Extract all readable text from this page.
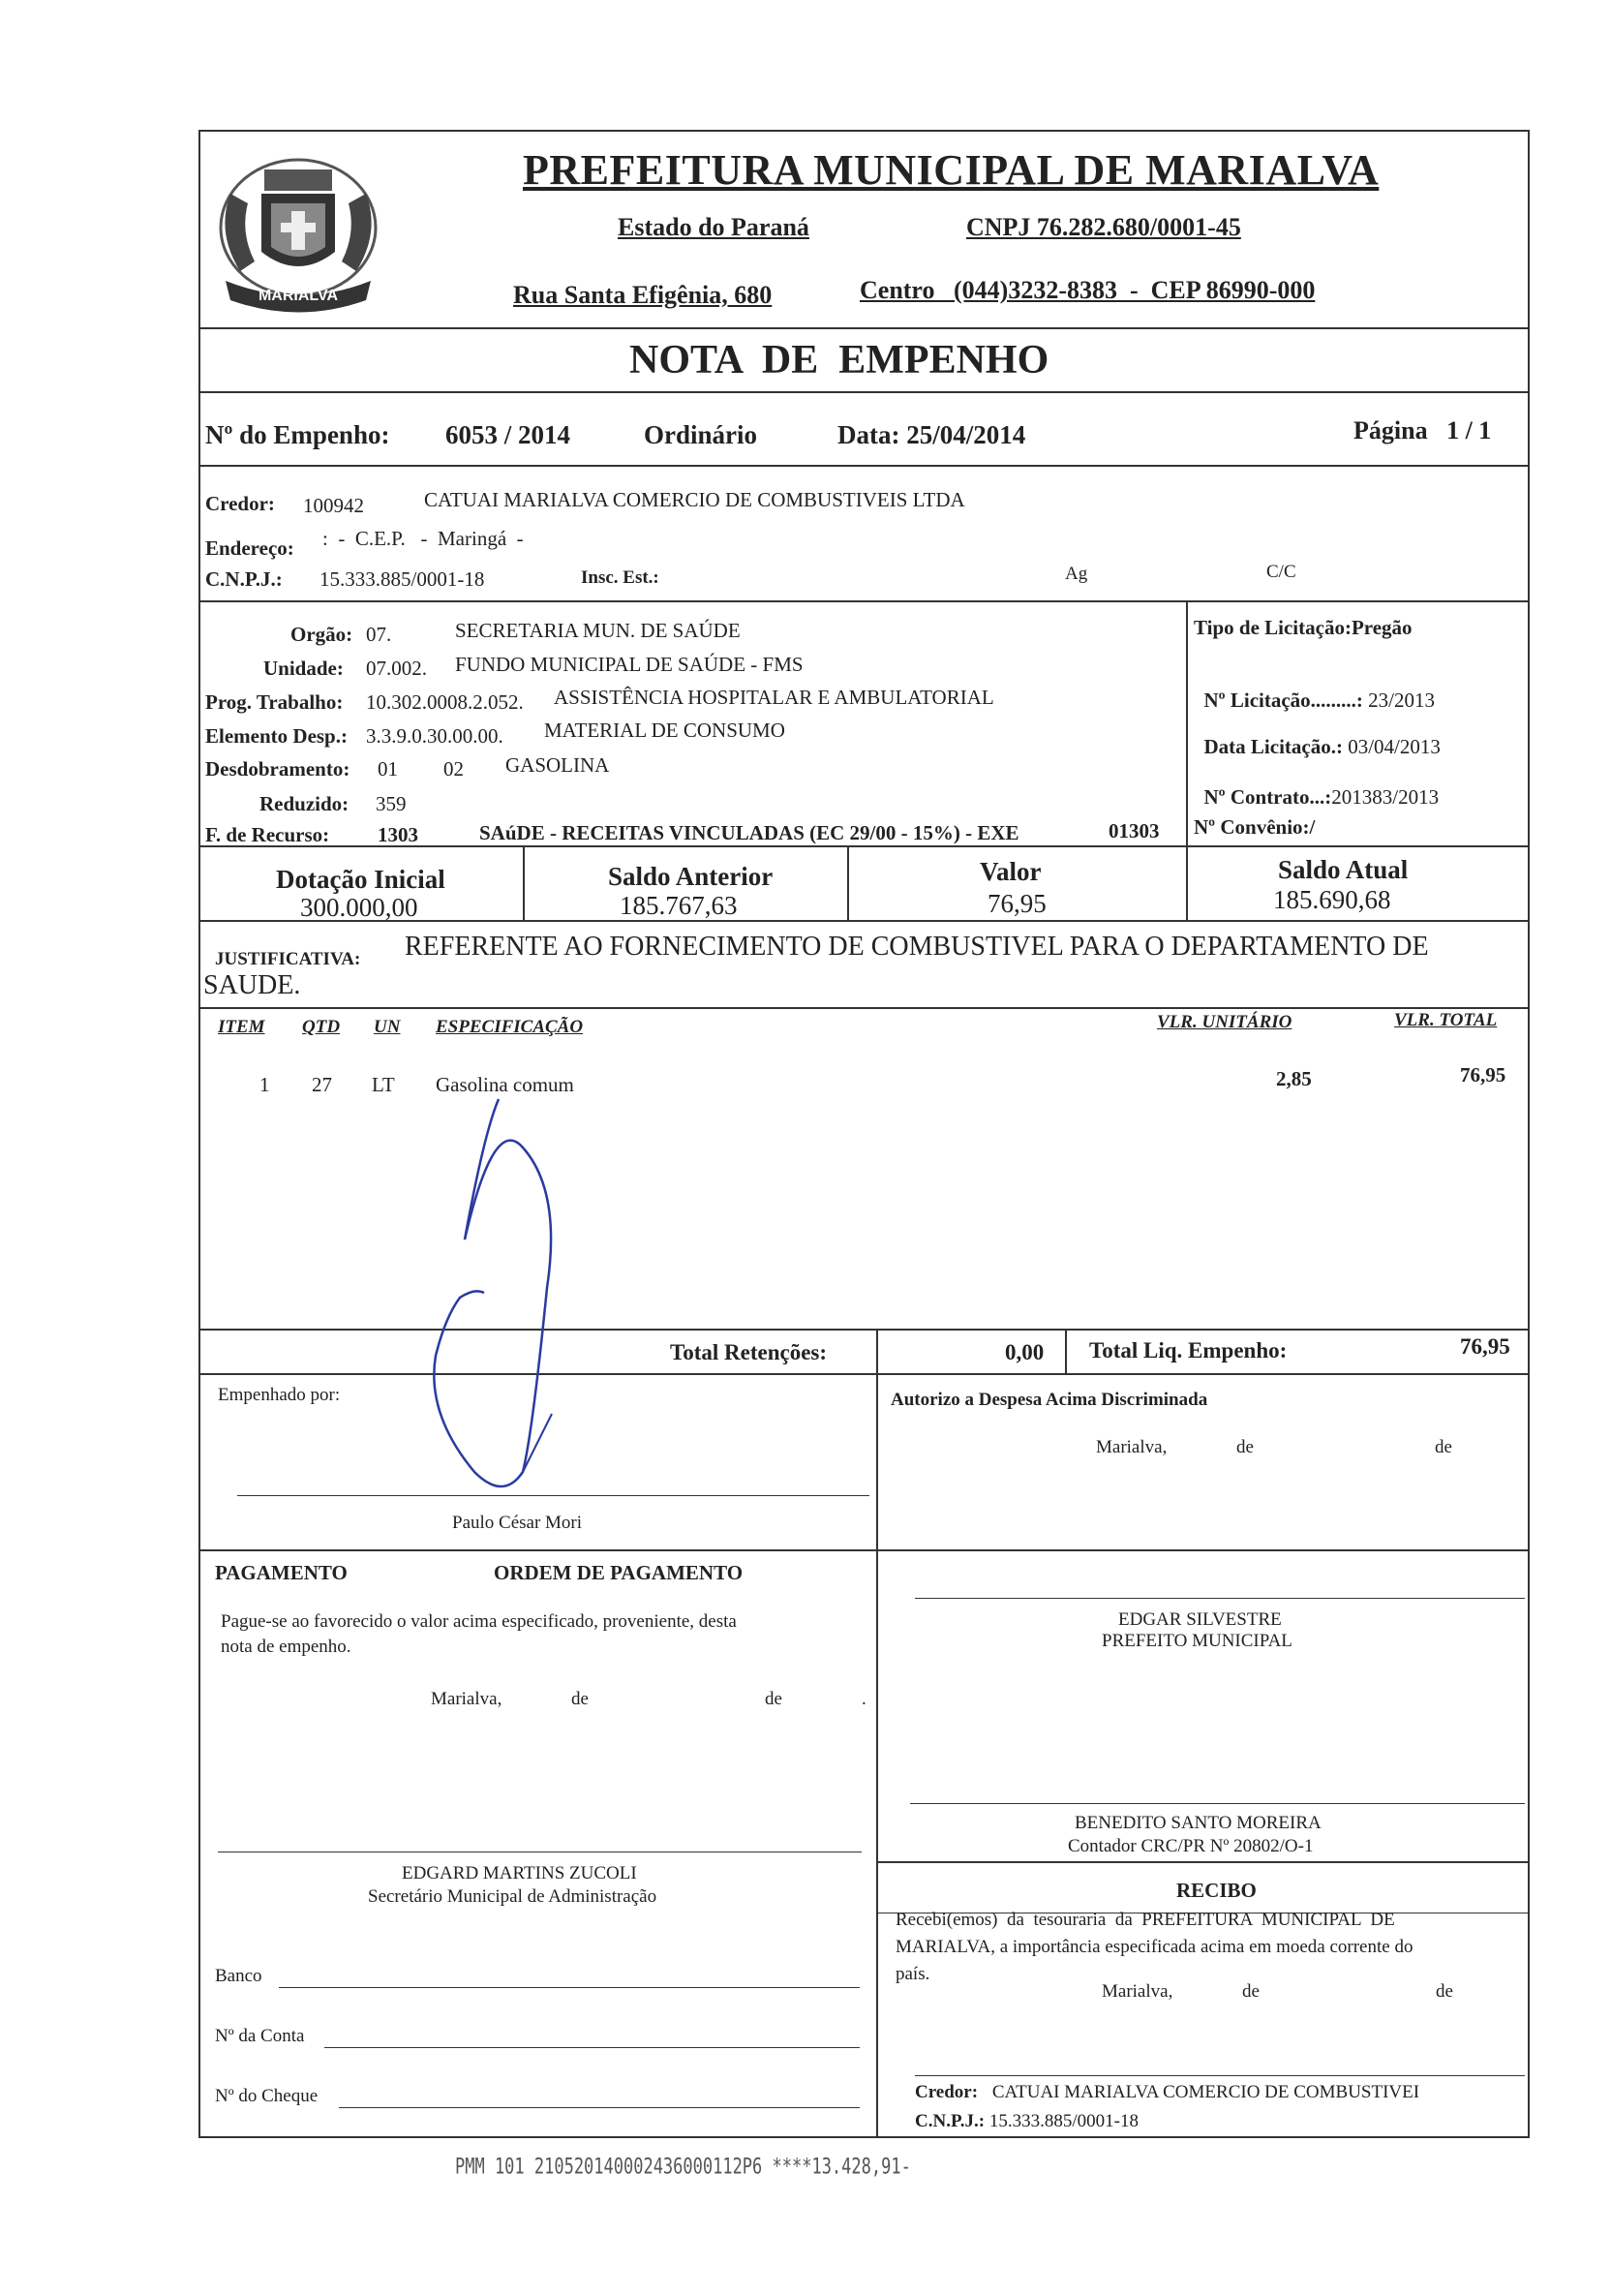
MARIALVA
PREFEITURA MUNICIPAL DE MARIALVA
Estado do Paraná	CNPJ 76.282.680/0001-45
Rua Santa Efigênia, 680	Centro   (044)3232-8383  -  CEP 86990-000
NOTA  DE  EMPENHO
Nº do Empenho: 6053 / 2014	Ordinário	Data: 25/04/2014	Página   1 / 1
Credor: 100942	CATUAI MARIALVA COMERCIO DE COMBUSTIVEIS LTDA
Endereço: :  -  C.E.P.   -  Maringá  -
C.N.P.J.: 15.333.885/0001-18	Insc. Est.:	Ag	C/C
Orgão: 07.	SECRETARIA MUN. DE SAÚDE
Unidade: 07.002. FUNDO MUNICIPAL DE SAÚDE - FMS
Prog. Trabalho: 10.302.0008.2.052. ASSISTÊNCIA HOSPITALAR E AMBULATORIAL
Elemento Desp.: 3.3.9.0.30.00.00. MATERIAL DE CONSUMO
Desdobramento: 01 02 GASOLINA
Reduzido: 359
F. de Recurso: 1303	SAúDE - RECEITAS VINCULADAS (EC 29/00 - 15%) - EXE	01303
Tipo de Licitação:Pregão

Nº Licitação.........: 23/2013

Data Licitação.: 03/04/2013

Nº Contrato...:201383/2013

Nº Convênio:/
Dotação Inicial
300.000,00
Saldo Anterior
185.767,63
Valor
76,95
Saldo Atual
185.690,68
JUSTIFICATIVA: REFERENTE AO FORNECIMENTO DE COMBUSTIVEL PARA O DEPARTAMENTO DE
SAUDE.
ITEM QTD UN ESPECIFICAÇÃO	VLR. UNITÁRIO	VLR. TOTAL
1 27 LT Gasolina comum	2,85	76,95
Total Retenções:	0,00 Total Liq. Empenho:	76,95
Empenhado por:
Paulo César Mori
PAGAMENTO	ORDEM DE PAGAMENTO
Pague-se ao favorecido o valor acima especificado, proveniente, desta
nota de empenho.
Marialva,	de	de	.
EDGARD MARTINS ZUCOLI
Secretário Municipal de Administração
Banco
Nº da Conta
Nº do Cheque
Autorizo a Despesa Acima Discriminada
Marialva,	de	de
EDGAR SILVESTRE
PREFEITO MUNICIPAL
BENEDITO SANTO MOREIRA
Contador CRC/PR Nº 20802/O-1
RECIBO
Recebi(emos)  da  tesouraria  da  PREFEITURA  MUNICIPAL  DE
MARIALVA, a importância especificada acima em moeda corrente do
país.
Marialva,	de	de
Credor: CATUAI MARIALVA COMERCIO DE COMBUSTIVEI
C.N.P.J.: 15.333.885/0001-18
PMM 101 210520140002436000112P6 ****13.428,91-
